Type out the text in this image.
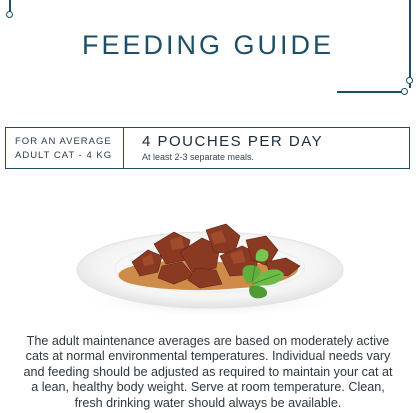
FEEDING GUIDE
FOR AN AVERAGE
ADULT CAT - 4 KG
4 POUCHES PER DAY
At least 2-3 separate meals.
The adult maintenance averages are based on moderately active cats at normal environmental temperatures. Individual needs vary and feeding should be adjusted as required to maintain your cat at a lean, healthy body weight. Serve at room temperature. Clean, fresh drinking water should always be available.
